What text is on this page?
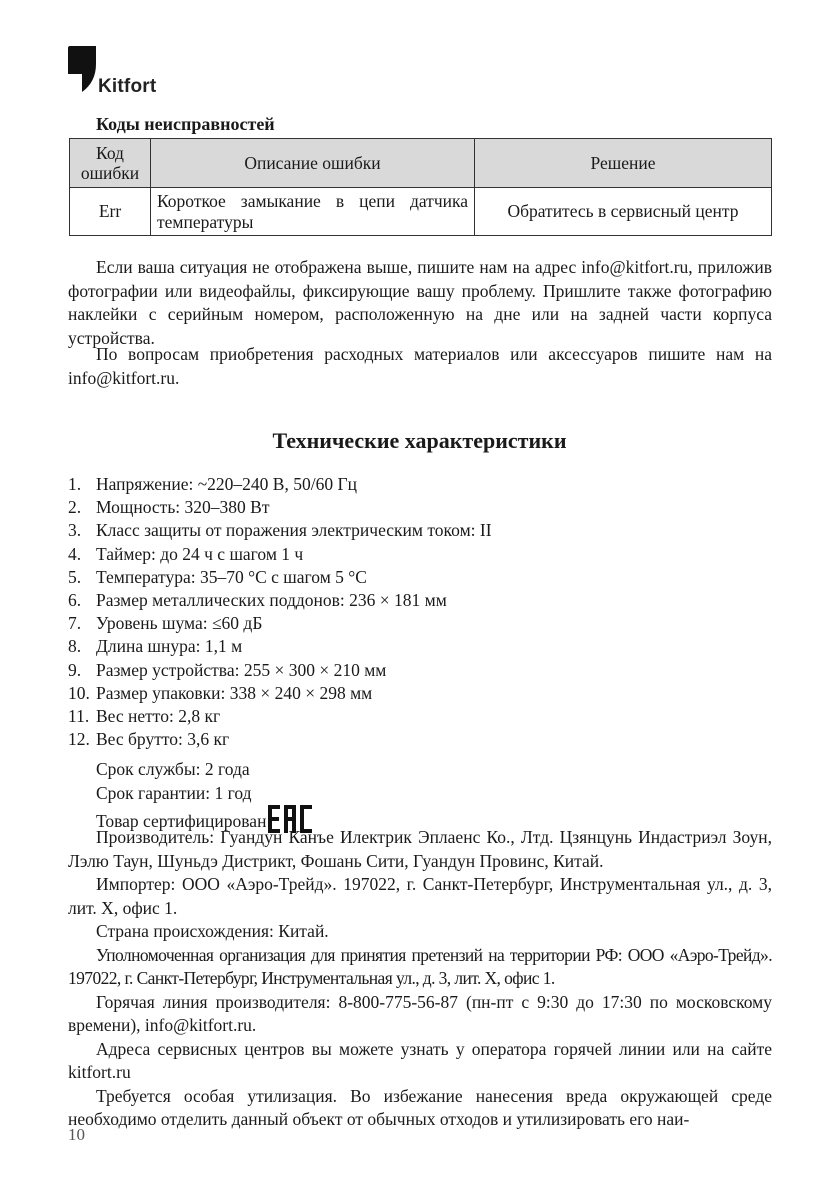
Kitfort
Коды неисправностей
Код ошибки	Описание ошибки	Решение
Err	Короткое замыкание в цепи датчика температуры	Обратитесь в сервисный центр
Если ваша ситуация не отображена выше, пишите нам на адрес info@kitfort.ru, приложив фотографии или видеофайлы, фиксирующие вашу проблему. Пришлите также фотографию наклейки с серийным номером, расположенную на дне или на задней части корпуса устройства.
По вопросам приобретения расходных материалов или аксессуаров пишите нам на info@kitfort.ru.
Технические характеристики
1. Напряжение: ~220–240 В, 50/60 Гц
2. Мощность: 320–380 Вт
3. Класс защиты от поражения электрическим током: II
4. Таймер: до 24 ч с шагом 1 ч
5. Температура: 35–70 °С с шагом 5 °С
6. Размер металлических поддонов: 236 × 181 мм
7. Уровень шума: ≤60 дБ
8. Длина шнура: 1,1 м
9. Размер устройства: 255 × 300 × 210 мм
10. Размер упаковки: 338 × 240 × 298 мм
11. Вес нетто: 2,8 кг
12. Вес брутто: 3,6 кг
Срок службы: 2 года
Срок гарантии: 1 год
Товар сертифицирован
Производитель: Гуандун Канъе Илектрик Эплаенс Ко., Лтд. Цзянцунь Индастриэл Зоун, Лэлю Таун, Шуньдэ Дистрикт, Фошань Сити, Гуандун Провинс, Китай.
Импортер: ООО «Аэро-Трейд». 197022, г. Санкт-Петербург, Инструментальная ул., д. 3, лит. Х, офис 1.
Страна происхождения: Китай.
Уполномоченная организация для принятия претензий на территории РФ: ООО «Аэро-Трейд». 197022, г. Санкт-Петербург, Инструментальная ул., д. 3, лит. Х, офис 1.
Горячая линия производителя: 8-800-775-56-87 (пн-пт с 9:30 до 17:30 по московскому времени), info@kitfort.ru.
Адреса сервисных центров вы можете узнать у оператора горячей линии или на сайте kitfort.ru
Требуется особая утилизация. Во избежание нанесения вреда окружающей среде необходимо отделить данный объект от обычных отходов и утилизировать его наи-
10
